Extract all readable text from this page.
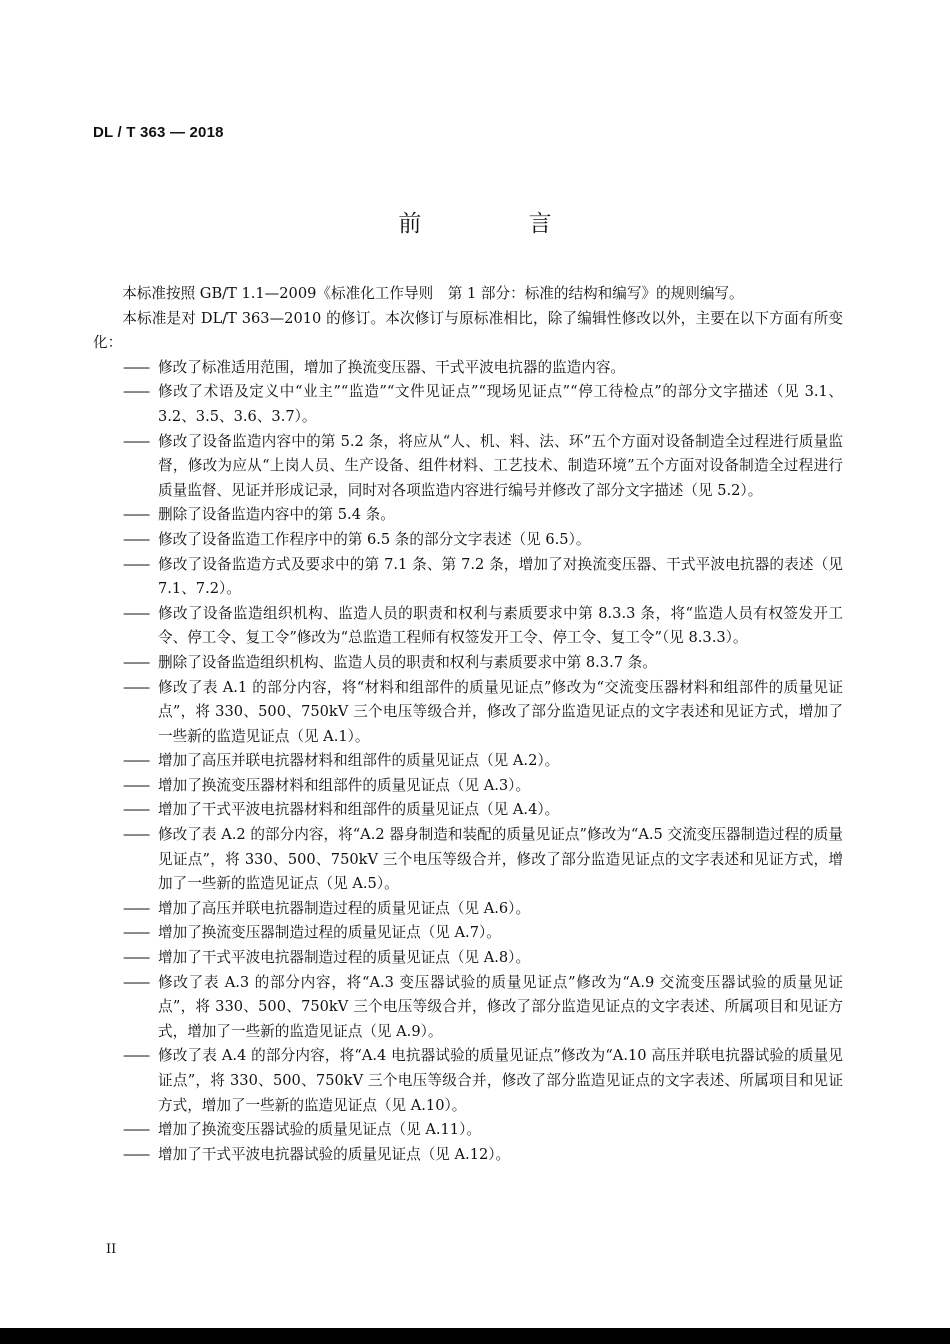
DL / T 363 — 2018
前 言
本标准按照 GB/T 1.1—2009《标准化工作导则　第 1 部分：标准的结构和编写》的规则编写。
本标准是对 DL/T 363—2010 的修订。本次修订与原标准相比，除了编辑性修改以外，主要在以下方面有所变化：
—— 修改了标准适用范围，增加了换流变压器、干式平波电抗器的监造内容。
—— 修改了术语及定义中“业主”“监造”“文件见证点”“现场见证点”“停工待检点”的部分文字描述（见 3.1、3.2、3.5、3.6、3.7）。
—— 修改了设备监造内容中的第 5.2 条，将应从“人、机、料、法、环”五个方面对设备制造全过程进行质量监督，修改为应从“上岗人员、生产设备、组件材料、工艺技术、制造环境”五个方面对设备制造全过程进行质量监督、见证并形成记录，同时对各项监造内容进行编号并修改了部分文字描述（见 5.2）。
—— 删除了设备监造内容中的第 5.4 条。
—— 修改了设备监造工作程序中的第 6.5 条的部分文字表述（见 6.5）。
—— 修改了设备监造方式及要求中的第 7.1 条、第 7.2 条，增加了对换流变压器、干式平波电抗器的表述（见 7.1、7.2）。
—— 修改了设备监造组织机构、监造人员的职责和权利与素质要求中第 8.3.3 条，将“监造人员有权签发开工令、停工令、复工令”修改为“总监造工程师有权签发开工令、停工令、复工令”（见 8.3.3）。
—— 删除了设备监造组织机构、监造人员的职责和权利与素质要求中第 8.3.7 条。
—— 修改了表 A.1 的部分内容，将“材料和组部件的质量见证点”修改为“交流变压器材料和组部件的质量见证点”，将 330、500、750kV 三个电压等级合并，修改了部分监造见证点的文字表述和见证方式，增加了一些新的监造见证点（见 A.1）。
—— 增加了高压并联电抗器材料和组部件的质量见证点（见 A.2）。
—— 增加了换流变压器材料和组部件的质量见证点（见 A.3）。
—— 增加了干式平波电抗器材料和组部件的质量见证点（见 A.4）。
—— 修改了表 A.2 的部分内容，将“A.2 器身制造和装配的质量见证点”修改为“A.5 交流变压器制造过程的质量见证点”，将 330、500、750kV 三个电压等级合并，修改了部分监造见证点的文字表述和见证方式，增加了一些新的监造见证点（见 A.5）。
—— 增加了高压并联电抗器制造过程的质量见证点（见 A.6）。
—— 增加了换流变压器制造过程的质量见证点（见 A.7）。
—— 增加了干式平波电抗器制造过程的质量见证点（见 A.8）。
—— 修改了表 A.3 的部分内容，将“A.3 变压器试验的质量见证点”修改为“A.9 交流变压器试验的质量见证点”，将 330、500、750kV 三个电压等级合并，修改了部分监造见证点的文字表述、所属项目和见证方式，增加了一些新的监造见证点（见 A.9）。
—— 修改了表 A.4 的部分内容，将“A.4 电抗器试验的质量见证点”修改为“A.10 高压并联电抗器试验的质量见证点”，将 330、500、750kV 三个电压等级合并，修改了部分监造见证点的文字表述、所属项目和见证方式，增加了一些新的监造见证点（见 A.10）。
—— 增加了换流变压器试验的质量见证点（见 A.11）。
—— 增加了干式平波电抗器试验的质量见证点（见 A.12）。
II
